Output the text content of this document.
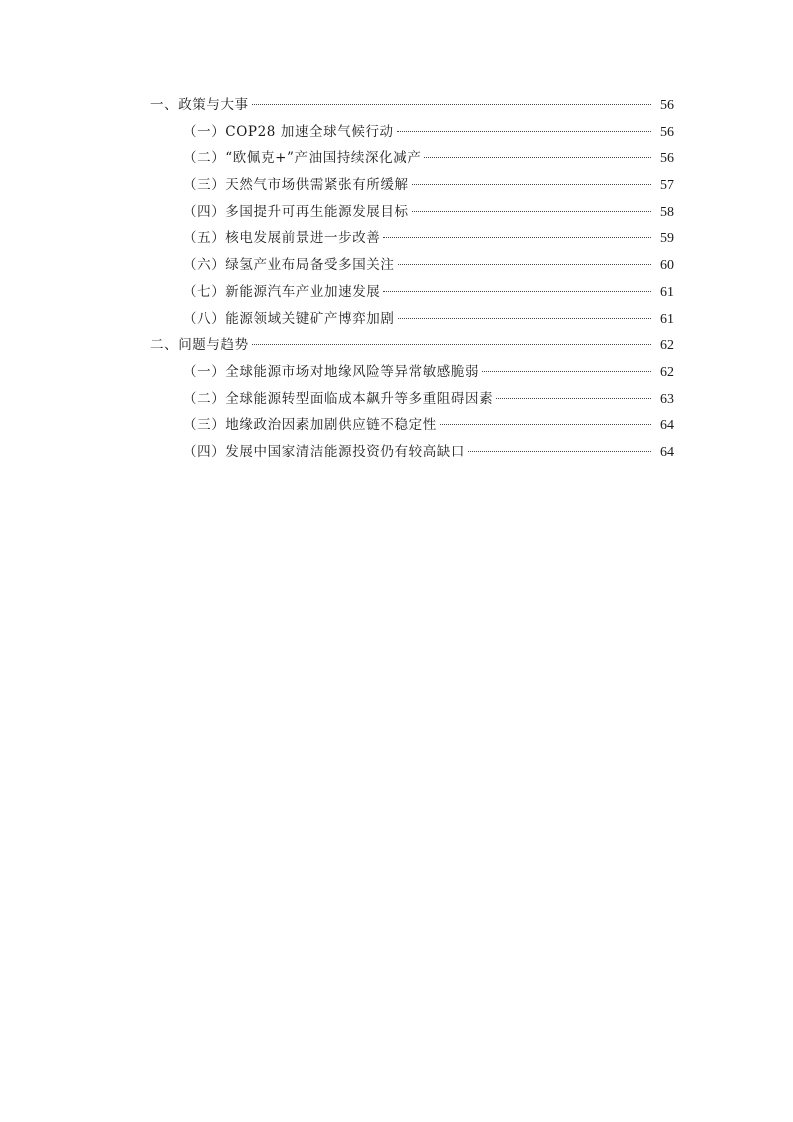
一、政策与大事	56
（一）COP28 加速全球气候行动	56
（二）“欧佩克+”产油国持续深化减产	56
（三）天然气市场供需紧张有所缓解	57
（四）多国提升可再生能源发展目标	58
（五）核电发展前景进一步改善	59
（六）绿氢产业布局备受多国关注	60
（七）新能源汽车产业加速发展	61
（八）能源领域关键矿产博弈加剧	61
二、问题与趋势	62
（一）全球能源市场对地缘风险等异常敏感脆弱	62
（二）全球能源转型面临成本飙升等多重阻碍因素	63
（三）地缘政治因素加剧供应链不稳定性	64
（四）发展中国家清洁能源投资仍有较高缺口	64
